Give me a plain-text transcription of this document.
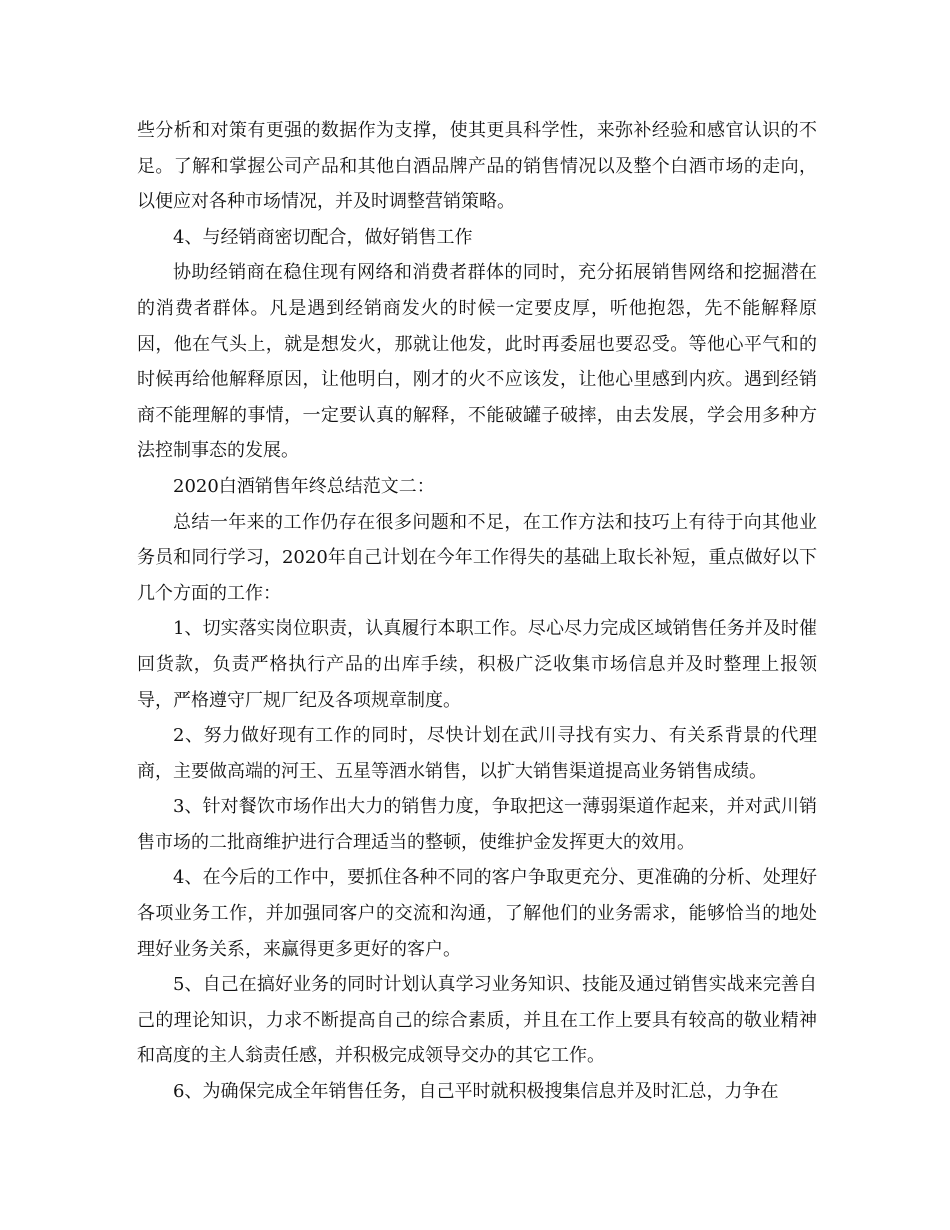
些分析和对策有更强的数据作为支撑，使其更具科学性，来弥补经验和感官认识的不足。了解和掌握公司产品和其他白酒品牌产品的销售情况以及整个白酒市场的走向，以便应对各种市场情况，并及时调整营销策略。

4、与经销商密切配合，做好销售工作

协助经销商在稳住现有网络和消费者群体的同时，充分拓展销售网络和挖掘潜在的消费者群体。凡是遇到经销商发火的时候一定要皮厚，听他抱怨，先不能解释原因，他在气头上，就是想发火，那就让他发，此时再委屈也要忍受。等他心平气和的时候再给他解释原因，让他明白，刚才的火不应该发，让他心里感到内疚。遇到经销商不能理解的事情，一定要认真的解释，不能破罐子破摔，由去发展，学会用多种方法控制事态的发展。

2020白酒销售年终总结范文二：

总结一年来的工作仍存在很多问题和不足，在工作方法和技巧上有待于向其他业务员和同行学习，2020年自己计划在今年工作得失的基础上取长补短，重点做好以下几个方面的工作：

1、切实落实岗位职责，认真履行本职工作。尽心尽力完成区域销售任务并及时催回货款，负责严格执行产品的出库手续，积极广泛收集市场信息并及时整理上报领导，严格遵守厂规厂纪及各项规章制度。

2、努力做好现有工作的同时，尽快计划在武川寻找有实力、有关系背景的代理商，主要做高端的河王、五星等酒水销售，以扩大销售渠道提高业务销售成绩。

3、针对餐饮市场作出大力的销售力度，争取把这一薄弱渠道作起来，并对武川销售市场的二批商维护进行合理适当的整顿，使维护金发挥更大的效用。

4、在今后的工作中，要抓住各种不同的客户争取更充分、更准确的分析、处理好各项业务工作，并加强同客户的交流和沟通，了解他们的业务需求，能够恰当的地处理好业务关系，来赢得更多更好的客户。

5、自己在搞好业务的同时计划认真学习业务知识、技能及通过销售实战来完善自己的理论知识，力求不断提高自己的综合素质，并且在工作上要具有较高的敬业精神和高度的主人翁责任感，并积极完成领导交办的其它工作。

6、为确保完成全年销售任务，自己平时就积极搜集信息并及时汇总，力争在
